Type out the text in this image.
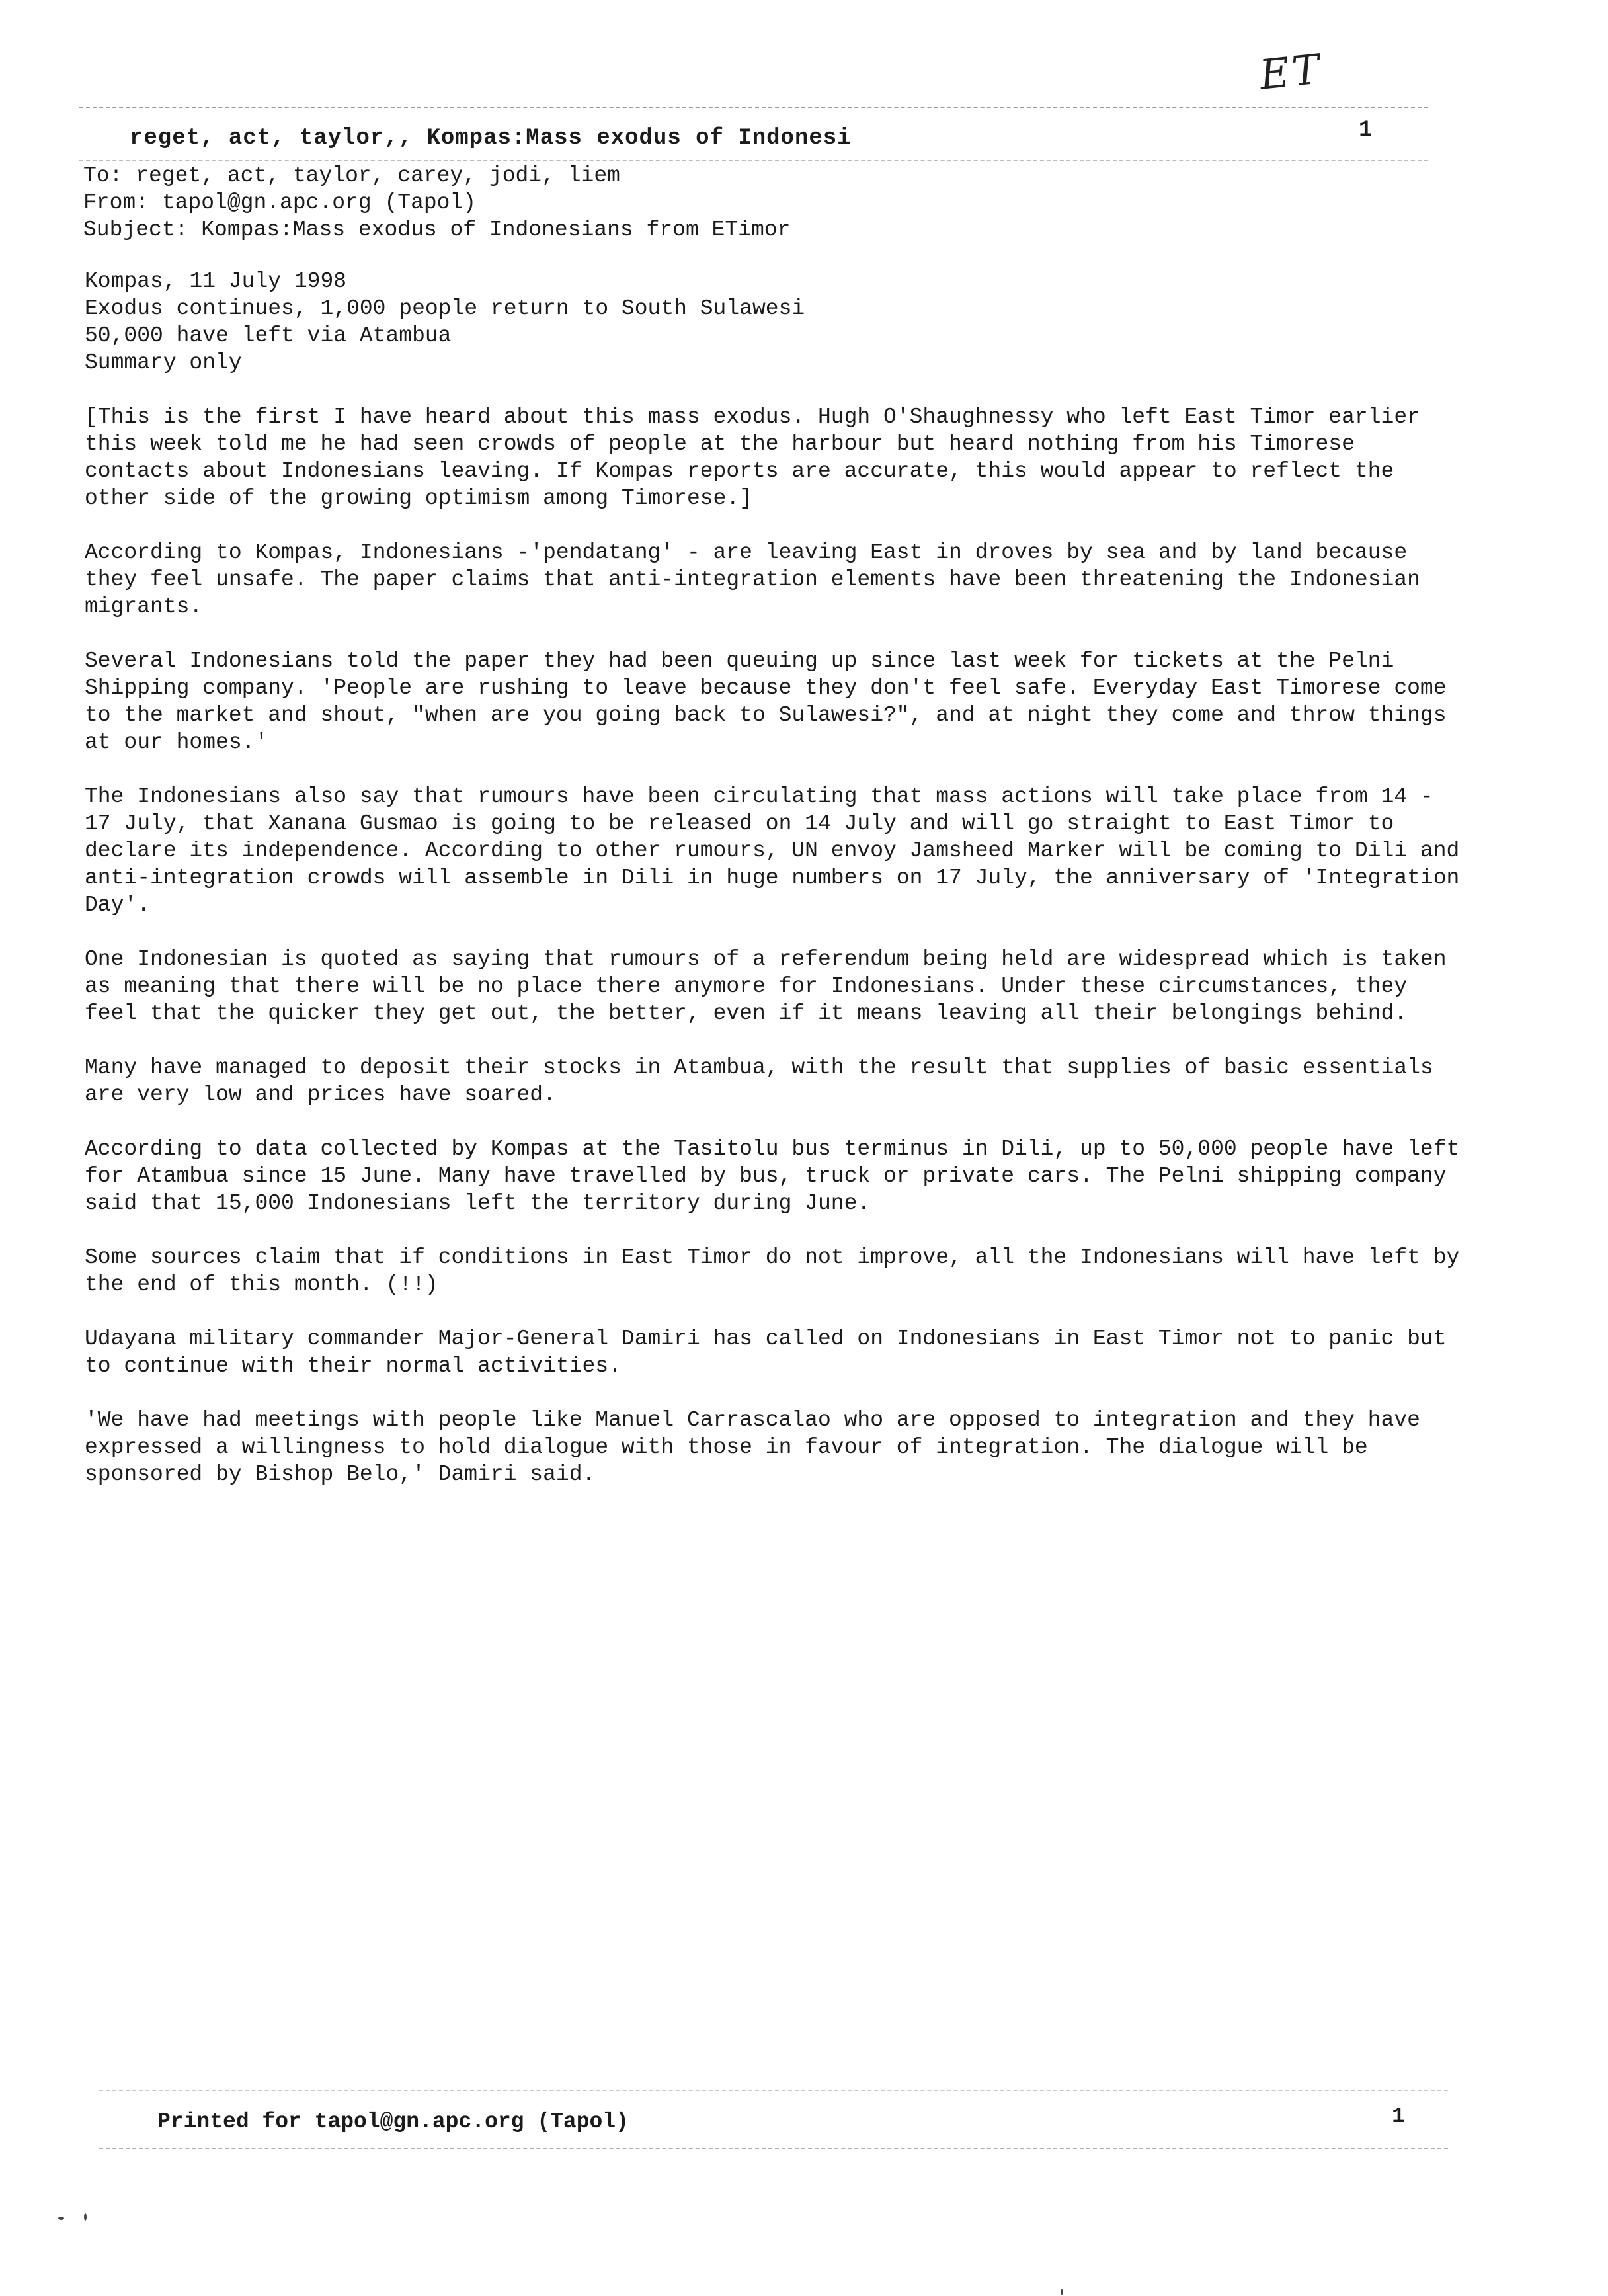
ET
reget, act, taylor,, Kompas:Mass exodus of Indonesi	1
To: reget, act, taylor, carey, jodi, liem
From: tapol@gn.apc.org (Tapol)
Subject: Kompas:Mass exodus of Indonesians from ETimor
Kompas, 11 July 1998
Exodus continues, 1,000 people return to South Sulawesi
50,000 have left via Atambua
Summary only

[This is the first I have heard about this mass exodus. Hugh O'Shaughnessy who left East Timor earlier this week told me he had seen crowds of people at the harbour but heard nothing from his Timorese contacts about Indonesians leaving. If Kompas reports are accurate, this would appear to reflect the other side of the growing optimism among Timorese.]

According to Kompas, Indonesians -'pendatang' - are leaving East in droves by sea and by land because they feel unsafe. The paper claims that anti-integration elements have been threatening the Indonesian migrants.

Several Indonesians told the paper they had been queuing up since last week for tickets at the Pelni Shipping company. 'People are rushing to leave because they don't feel safe. Everyday East Timorese come to the market and shout, "when are you going back to Sulawesi?", and at night they come and throw things at our homes.'

The Indonesians also say that rumours have been circulating that mass actions will take place from 14 - 17 July, that Xanana Gusmao is going to be released on 14 July and will go straight to East Timor to declare its independence. According to other rumours, UN envoy Jamsheed Marker will be coming to Dili and anti-integration crowds will assemble in Dili in huge numbers on 17 July, the anniversary of 'Integration Day'.

One Indonesian is quoted as saying that rumours of a referendum being held are widespread which is taken as meaning that there will be no place there anymore for Indonesians. Under these circumstances, they feel that the quicker they get out, the better, even if it means leaving all their belongings behind.

Many have managed to deposit their stocks in Atambua, with the result that supplies of basic essentials are very low and prices have soared.

According to data collected by Kompas at the Tasitolu bus terminus in Dili, up to 50,000 people have left for Atambua since 15 June. Many have travelled by bus, truck or private cars. The Pelni shipping company said that 15,000 Indonesians left the territory during June.

Some sources claim that if conditions in East Timor do not improve, all the Indonesians will have left by the end of this month. (!!)

Udayana military commander Major-General Damiri has called on Indonesians in East Timor not to panic but to continue with their normal activities.

'We have had meetings with people like Manuel Carrascalao who are opposed to integration and they have expressed a willingness to hold dialogue with those in favour of integration. The dialogue will be sponsored by Bishop Belo,' Damiri said.

Printed for tapol@gn.apc.org (Tapol)	1
